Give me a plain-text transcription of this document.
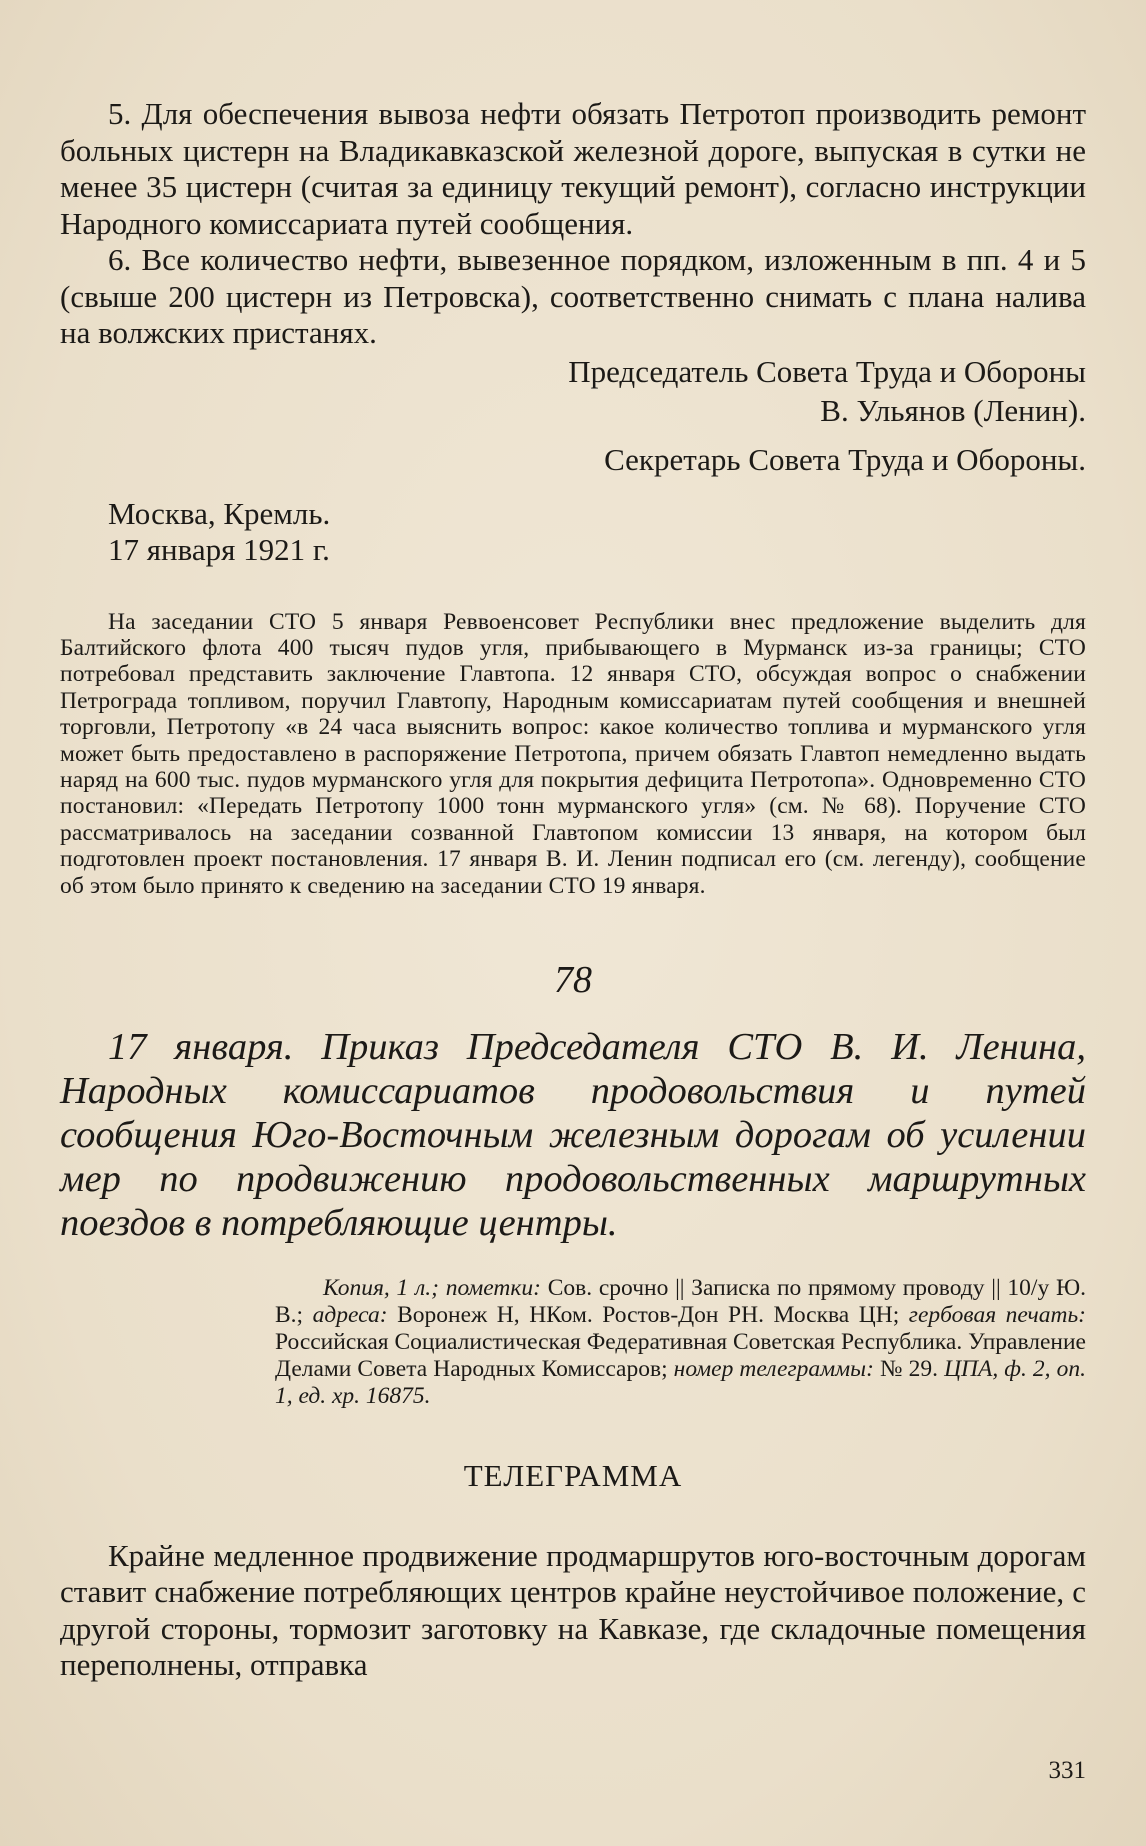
5. Для обеспечения вывоза нефти обязать Петротоп производить ремонт больных цистерн на Владикавказской железной дороге, выпуская в сутки не менее 35 цистерн (считая за единицу текущий ремонт), согласно инструкции Народного комиссариата путей сообщения.

6. Все количество нефти, вывезенное порядком, изложенным в пп. 4 и 5 (свыше 200 цистерн из Петровска), соответственно снимать с плана налива на волжских пристанях.

Председатель Совета Труда и Обороны

В. Ульянов (Ленин).

Секретарь Совета Труда и Обороны.

Москва, Кремль.

17 января 1921 г.

На заседании СТО 5 января Реввоенсовет Республики внес предложение выделить для Балтийского флота 400 тысяч пудов угля, прибывающего в Мурманск из-за границы; СТО потребовал представить заключение Главтопа. 12 января СТО, обсуждая вопрос о снабжении Петрограда топливом, поручил Главтопу, Народным комиссариатам путей сообщения и внешней торговли, Петротопу «в 24 часа выяснить вопрос: какое количество топлива и мурманского угля может быть предоставлено в распоряжение Петротопа, причем обязать Главтоп немедленно выдать наряд на 600 тыс. пудов мурманского угля для покрытия дефицита Петротопа». Одновременно СТО постановил: «Передать Петротопу 1000 тонн мурманского угля» (см. № 68). Поручение СТО рассматривалось на заседании созванной Главтопом комиссии 13 января, на котором был подготовлен проект постановления. 17 января В. И. Ленин подписал его (см. легенду), сообщение об этом было принято к сведению на заседании СТО 19 января.

78

17 января. Приказ Председателя СТО В. И. Ленина, Народных комиссариатов продовольствия и путей сообщения Юго-Восточным железным дорогам об усилении мер по продвижению продовольственных маршрутных поездов в потребляющие центры.

Копия, 1 л.; пометки: Сов. срочно || Записка по прямому проводу || 10/у Ю. В.; адреса: Воронеж Н, НКом. Ростов-Дон РН. Москва ЦН; гербовая печать: Российская Социалистическая Федеративная Советская Республика. Управление Делами Совета Народных Комиссаров; номер телеграммы: № 29. ЦПА, ф. 2, оп. 1, ед. хр. 16875.

ТЕЛЕГРАММА

Крайне медленное продвижение продмаршрутов юго-восточным дорогам ставит снабжение потребляющих центров крайне неустойчивое положение, с другой стороны, тормозит заготовку на Кавказе, где складочные помещения переполнены, отправка

331
